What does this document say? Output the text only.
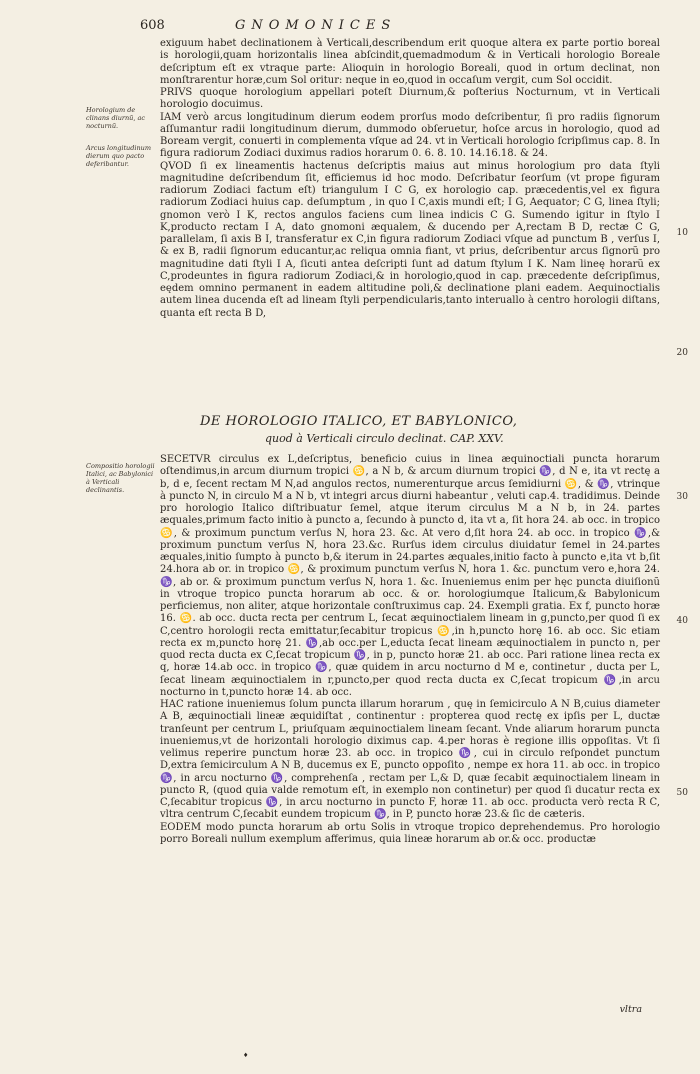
608	GNOMONICES
Horologium de clinans diurnũ, ac nocturnũ.
Arcus longitudinum dierum quo pacto deferibantur.
Compositio horologii Italici, ac Babylonici à Verticali declinantis.
10
20
30
40
50

exiguum habet declinationem à Verticali,describendum erit quoque altera ex parte portio boreal is horologii,quam horizontalis linea abſcindit,quemadmodum & in Verticali horologio Boreale deſcriptum eſt ex vtraque parte: Alioquin in horologio Boreali, quod in ortum declinat, non monſtrarentur horæ,cum Sol oritur: neque in eo,quod in occaſum vergit, cum Sol occidit.

PRIVS quoque horologium appellari poteſt Diurnum,& poſterius Nocturnum, vt in Verticali horologio docuimus.

IAM verò arcus longitudinum dierum eodem prorſus modo deſcribentur, ſi pro radiis ſignorum aſſumantur radii longitudinum dierum, dummodo obſeruetur, hoſce arcus in horologio, quod ad Boream vergit, conuerti in complementa vſque ad 24. vt in Verticali horologio ſcripſimus cap. 8. In figura radiorum Zodiaci duximus radios horarum 0. 6. 8. 10. 14.16.18. & 24.

QVOD ſi ex lineamentis hactenus deſcriptis maius aut minus horologium pro data ſtyli magnitudine deſcribendum ſit, efficiemus id hoc modo. Deſcribatur ſeorſum (vt prope figuram radiorum Zodiaci factum eſt) triangulum I C G, ex horologio cap. præcedentis,vel ex figura radiorum Zodiaci huius cap. deſumptum , in quo I C,axis mundi eſt; I G, Aequator; C G, linea ſtyli; gnomon verò I K, rectos angulos faciens cum linea indicis C G. Sumendo igitur in ſtylo I K,producto rectam I A, dato gnomoni æqualem, & ducendo per A,rectam B D, rectæ C G, parallelam, ſi axis B I, transferatur ex C,in figura radiorum Zodiaci vſque ad punctum B , verſus I, & ex B, radii ſignorum educantur,ac reliqua omnia fiant, vt prius, deſcribentur arcus ſignorũ pro magnitudine dati ſtyli I A, ſicuti antea deſcripti ſunt ad datum ſtylum I K. Nam lineę horarũ ex C,prodeuntes in figura radiorum Zodiaci,& in horologio,quod in cap. præcedente deſcripſimus, eędem omnino permanent in eadem altitudine poli,& declinatione plani eadem. Aequinoctialis autem linea ducenda eſt ad lineam ſtyli perpendicularis,tanto interuallo à centro horologii diſtans, quanta eſt recta B D,

DE HOROLOGIO ITALICO, ET BABYLONICO,
quod à Verticali circulo declinat. CAP. XXV.

SECETVR circulus ex L,deſcriptus, beneficio cuius in linea æquinoctiali puncta horarum oſtendimus,in arcum diurnum tropici ♋, a N b, & arcum diurnum tropici ♑, d N e, ita vt rectę a b, d e, ſecent rectam M N,ad angulos rectos, numerenturque arcus ſemidiurni ♋, & ♑, vtrinque à puncto N, in circulo M a N b, vt integri arcus diurni habeantur , veluti cap.4. tradidimus. Deinde pro horologio Italico diſtribuatur ſemel, atque iterum circulus M a N b, in 24. partes æquales,primum facto initio à puncto a, ſecundo à puncto d, ita vt a, ſit hora 24. ab occ. in tropico ♋, & proximum punctum verſus N, hora 23. &c. At vero d,ſit hora 24. ab occ. in tropico ♑,& proximum punctum verſus N, hora 23.&c. Rurſus idem circulus diuidatur ſemel in 24.partes æquales,initio ſumpto à puncto b,& iterum in 24.partes æquales,initio facto à puncto e,ita vt b,ſit 24.hora ab or. in tropico ♋, & proximum punctum verſus N, hora 1. &c. punctum vero e,hora 24. ♑, ab or. & proximum punctum verſus N, hora 1. &c. Inueniemus enim per hęc puncta diuiſionũ in vtroque tropico puncta horarum ab occ. & or. horologiumque Italicum,& Babylonicum perficiemus, non aliter, atque horizontale conſtruximus cap. 24. Exempli gratia. Ex f, puncto horæ 16. ♋. ab occ. ducta recta per centrum L, ſecat æquinoctialem lineam in g,puncto,per quod ſi ex C,centro horologii recta emittatur,ſecabitur tropicus ♋,in h,puncto horę 16. ab occ. Sic etiam recta ex m,puncto horę 21. ♑,ab occ.per L,educta ſecat lineam æquinoctialem in puncto n, per quod recta ducta ex C,ſecat tropicum ♑, in p, puncto horæ 21. ab occ. Pari ratione linea recta ex q, horæ 14.ab occ. in tropico ♑, quæ quidem in arcu nocturno d M e, continetur , ducta per L, ſecat lineam æquinoctialem in r,puncto,per quod recta ducta ex C,ſecat tropicum ♑,in arcu nocturno in t,puncto horæ 14. ab occ.

HAC ratione inueniemus ſolum puncta illarum horarum , quę in ſemicirculo A N B,cuius diameter A B, æquinoctiali lineæ æquidiſtat , continentur : propterea quod rectę ex ipſis per L, ductæ tranſeunt per centrum L, priuſquam æquinoctialem lineam ſecant. Vnde aliarum horarum puncta inueniemus,vt de horizontali horologio diximus cap. 4.per horas è regione illis oppoſitas. Vt ſi velimus reperire punctum horæ 23. ab occ. in tropico ♑, cui in circulo reſpondet punctum D,extra ſemicirculum A N B, ducemus ex E, puncto oppoſito , nempe ex hora 11. ab occ. in tropico ♑, in arcu nocturno ♑, comprehenſa , rectam per L,& D, quæ ſecabit æquinoctialem lineam in puncto R, (quod quia valde remotum eſt, in exemplo non continetur) per quod ſi ducatur recta ex C,ſecabitur tropicus ♑, in arcu nocturno in puncto F, horæ 11. ab occ. producta verò recta R C, vltra centrum C,ſecabit eundem tropicum ♑, in P, puncto horæ 23.& ſic de cæteris.

EODEM modo puncta horarum ab ortu Solis in vtroque tropico deprehendemus. Pro horologio porro Boreali nullum exemplum afferimus, quia lineæ horarum ab or.& occ. productæ

vltra
♦
